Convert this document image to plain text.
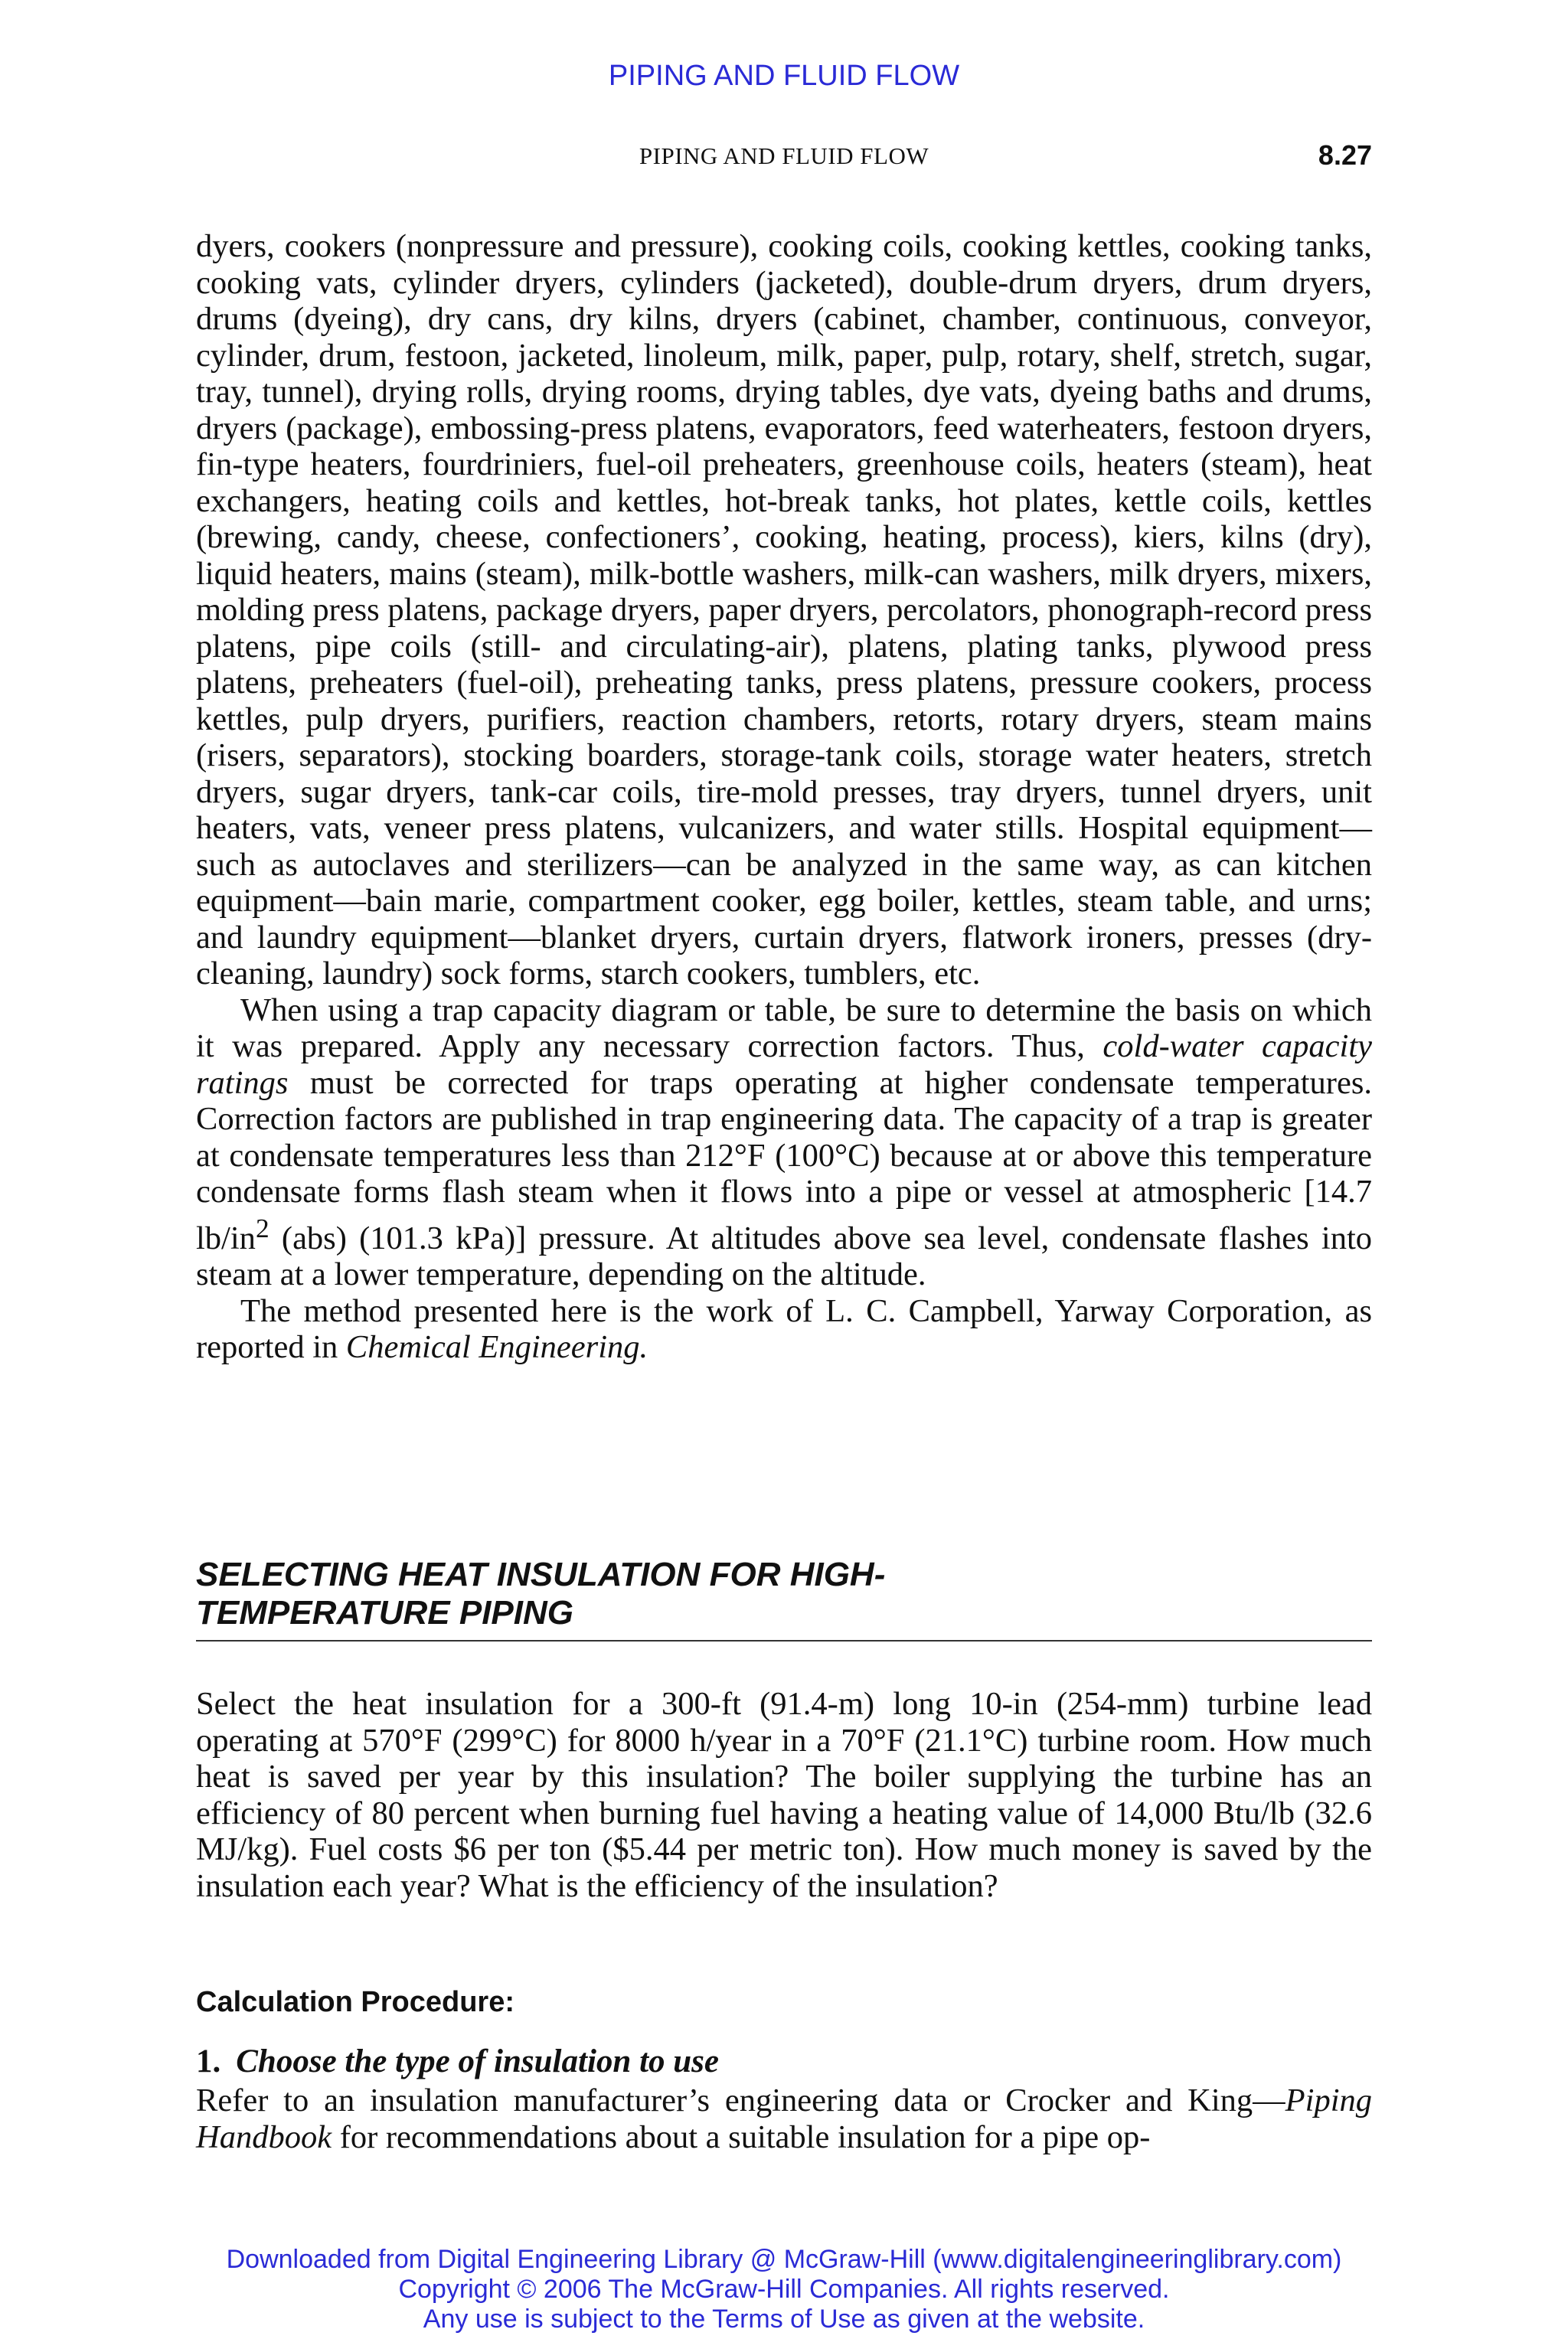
PIPING AND FLUID FLOW
PIPING AND FLUID FLOW	8.27

dyers, cookers (nonpressure and pressure), cooking coils, cooking kettles, cooking tanks, cooking vats, cylinder dryers, cylinders (jacketed), double-drum dryers, drum dryers, drums (dyeing), dry cans, dry kilns, dryers (cabinet, chamber, continuous, conveyor, cylinder, drum, festoon, jacketed, linoleum, milk, paper, pulp, rotary, shelf, stretch, sugar, tray, tunnel), drying rolls, drying rooms, drying tables, dye vats, dyeing baths and drums, dryers (package), embossing-press platens, evaporators, feed waterheaters, festoon dryers, fin-type heaters, fourdriniers, fuel-oil preheaters, greenhouse coils, heaters (steam), heat exchangers, heating coils and kettles, hot-break tanks, hot plates, kettle coils, kettles (brewing, candy, cheese, confectioners’, cooking, heating, process), kiers, kilns (dry), liquid heaters, mains (steam), milk-bottle washers, milk-can washers, milk dryers, mixers, molding press platens, package dryers, paper dryers, percolators, phonograph-record press platens, pipe coils (still- and circulating-air), platens, plating tanks, plywood press platens, preheaters (fuel-oil), preheating tanks, press platens, pressure cookers, process kettles, pulp dryers, purifiers, reaction chambers, retorts, rotary dryers, steam mains (risers, separators), stocking boarders, storage-tank coils, storage water heaters, stretch dryers, sugar dryers, tank-car coils, tire-mold presses, tray dryers, tunnel dryers, unit heaters, vats, veneer press platens, vulcanizers, and water stills. Hospital equipment—such as autoclaves and sterilizers—can be analyzed in the same way, as can kitchen equipment—bain marie, compartment cooker, egg boiler, kettles, steam table, and urns; and laundry equipment—blanket dryers, curtain dryers, flatwork ironers, presses (dry-cleaning, laundry) sock forms, starch cookers, tumblers, etc.

When using a trap capacity diagram or table, be sure to determine the basis on which it was prepared. Apply any necessary correction factors. Thus, cold-water capacity ratings must be corrected for traps operating at higher condensate temperatures. Correction factors are published in trap engineering data. The capacity of a trap is greater at condensate temperatures less than 212°F (100°C) because at or above this temperature condensate forms flash steam when it flows into a pipe or vessel at atmospheric [14.7 $lb/in^2$ (abs) (101.3 kPa)] pressure. At altitudes above sea level, condensate flashes into steam at a lower temperature, depending on the altitude.

The method presented here is the work of L. C. Campbell, Yarway Corporation, as reported in Chemical Engineering.

SELECTING HEAT INSULATION FOR HIGH-
TEMPERATURE PIPING
Select the heat insulation for a 300-ft (91.4-m) long 10-in (254-mm) turbine lead operating at 570°F (299°C) for 8000 h/year in a 70°F (21.1°C) turbine room. How much heat is saved per year by this insulation? The boiler supplying the turbine has an efficiency of 80 percent when burning fuel having a heating value of 14,000 Btu/lb (32.6 MJ/kg). Fuel costs $6 per ton ($5.44 per metric ton). How much money is saved by the insulation each year? What is the efficiency of the insulation?
Calculation Procedure:
1. Choose the type of insulation to use
Refer to an insulation manufacturer’s engineering data or Crocker and King—Piping Handbook for recommendations about a suitable insulation for a pipe op-
Downloaded from Digital Engineering Library @ McGraw-Hill (www.digitalengineeringlibrary.com)
Copyright © 2006 The McGraw-Hill Companies. All rights reserved.
Any use is subject to the Terms of Use as given at the website.
